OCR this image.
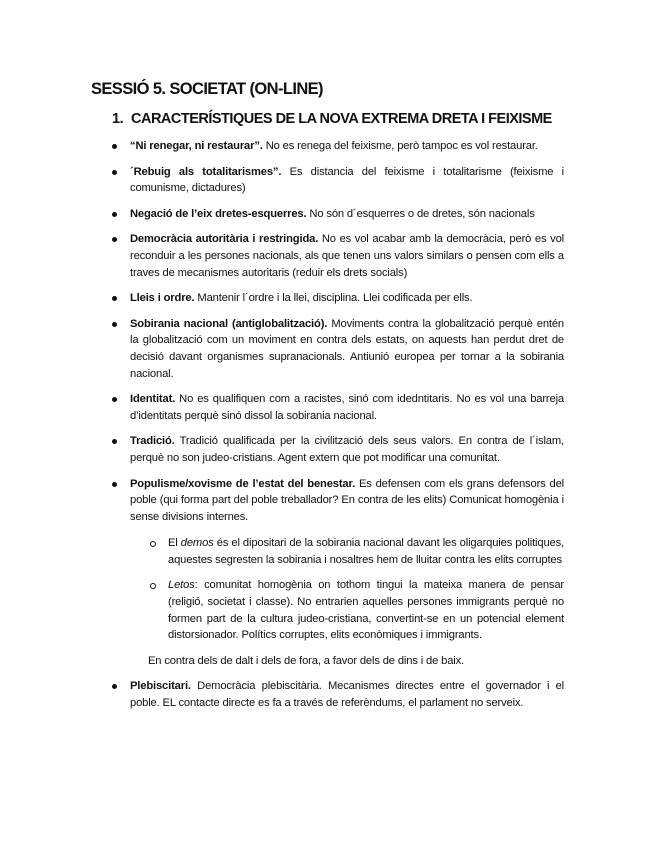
SESSIÓ 5. SOCIETAT (ON-LINE)
1. CARACTERÍSTIQUES DE LA NOVA EXTREMA DRETA I FEIXISME
“Ni renegar, ni restaurar”. No es renega del feixisme, però tampoc es vol restaurar.
´Rebuig als totalitarismes”. Es distancia del feixisme i totalitarisme (feixisme i comunisme, dictadures)
Negació de l’eix dretes-esquerres. No són d´esquerres o de dretes, són nacionals
Democràcia autoritària i restringida. No es vol acabar amb la democràcia, però es vol reconduir a les persones nacionals, als que tenen uns valors similars o pensen com ells a traves de mecanismes autoritaris (reduir els drets socials)
Lleis i ordre. Mantenir l´ordre i la llei, disciplina. Llei codificada per ells.
Sobirania nacional (antiglobalització). Moviments contra la globalització perquè entén la globalització com un moviment en contra dels estats, on aquests han perdut dret de decisió davant organismes supranacionals. Antiunió europea per tornar a la sobirania nacional.
Identitat. No es qualifiquen com a racistes, sinó com idedntitaris. No es vol una barreja d’identitats perquè sinó dissol la sobirania nacional.
Tradició. Tradició qualificada per la civilització dels seus valors. En contra de l´islam, perquè no son judeo-cristians. Agent extern que pot modificar una comunitat.
Populisme/xovisme de l’estat del benestar. Es defensen com els grans defensors del poble (qui forma part del poble treballador? En contra de les elits) Comunicat homogènia i sense divisions internes.
El demos és el dipositari de la sobirania nacional davant les oligarquies politiques, aquestes segresten la sobirania i nosaltres hem de lluitar contra les elits corruptes
Letos: comunitat homogènia on tothom tingui la mateixa manera de pensar (religió, societat i classe). No entrarien aquelles persones immigrants perquè no formen part de la cultura judeo-cristiana, convertint-se en un potencial element distorsionador. Polítics corruptes, elits econòmiques i immigrants.

En contra dels de dalt i dels de fora, a favor dels de dins i de baix.

Plebiscitari. Democràcia plebiscitària. Mecanismes directes entre el governador i el poble. EL contacte directe es fa a través de referèndums, el parlament no serveix.
